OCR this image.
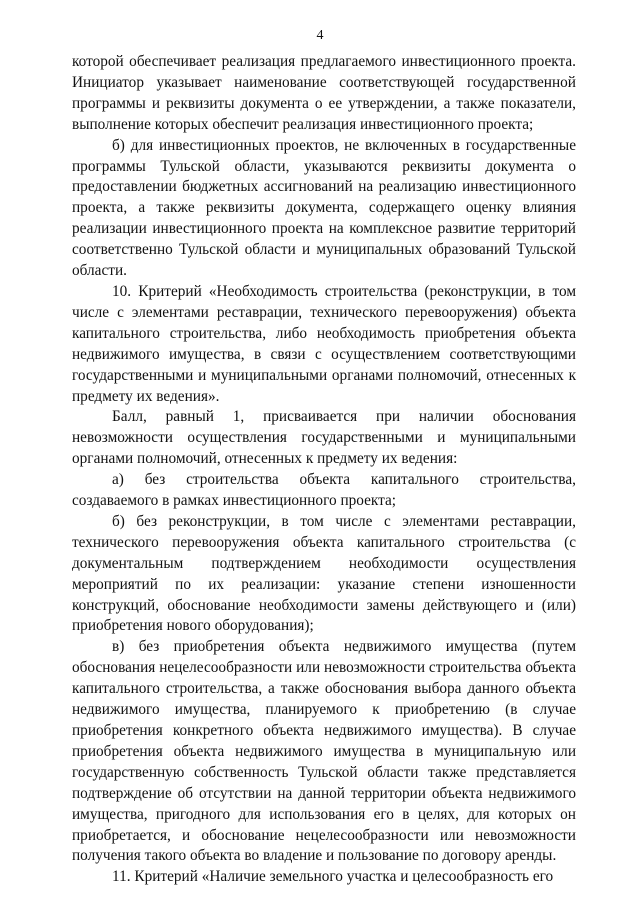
4

которой обеспечивает реализация предлагаемого инвестиционного проекта. Инициатор указывает наименование соответствующей государственной программы и реквизиты документа о ее утверждении, а также показатели, выполнение которых обеспечит реализация инвестиционного проекта;

б) для инвестиционных проектов, не включенных в государственные программы Тульской области, указываются реквизиты документа о предоставлении бюджетных ассигнований на реализацию инвестиционного проекта, а также реквизиты документа, содержащего оценку влияния реализации инвестиционного проекта на комплексное развитие территорий соответственно Тульской области и муниципальных образований Тульской области.

10. Критерий «Необходимость строительства (реконструкции, в том числе с элементами реставрации, технического перевооружения) объекта капитального строительства, либо необходимость приобретения объекта недвижимого имущества, в связи с осуществлением соответствующими государственными и муниципальными органами полномочий, отнесенных к предмету их ведения».

Балл, равный 1, присваивается при наличии обоснования невозможности осуществления государственными и муниципальными органами полномочий, отнесенных к предмету их ведения:

а) без строительства объекта капитального строительства, создаваемого в рамках инвестиционного проекта;

б) без реконструкции, в том числе с элементами реставрации, технического перевооружения объекта капитального строительства (с документальным подтверждением необходимости осуществления мероприятий по их реализации: указание степени изношенности конструкций, обоснование необходимости замены действующего и (или) приобретения нового оборудования);

в) без приобретения объекта недвижимого имущества (путем обоснования нецелесообразности или невозможности строительства объекта капитального строительства, а также обоснования выбора данного объекта недвижимого имущества, планируемого к приобретению (в случае приобретения конкретного объекта недвижимого имущества). В случае приобретения объекта недвижимого имущества в муниципальную или государственную собственность Тульской области также представляется подтверждение об отсутствии на данной территории объекта недвижимого имущества, пригодного для использования его в целях, для которых он приобретается, и обоснование нецелесообразности или невозможности получения такого объекта во владение и пользование по договору аренды.

11. Критерий «Наличие земельного участка и целесообразность его
